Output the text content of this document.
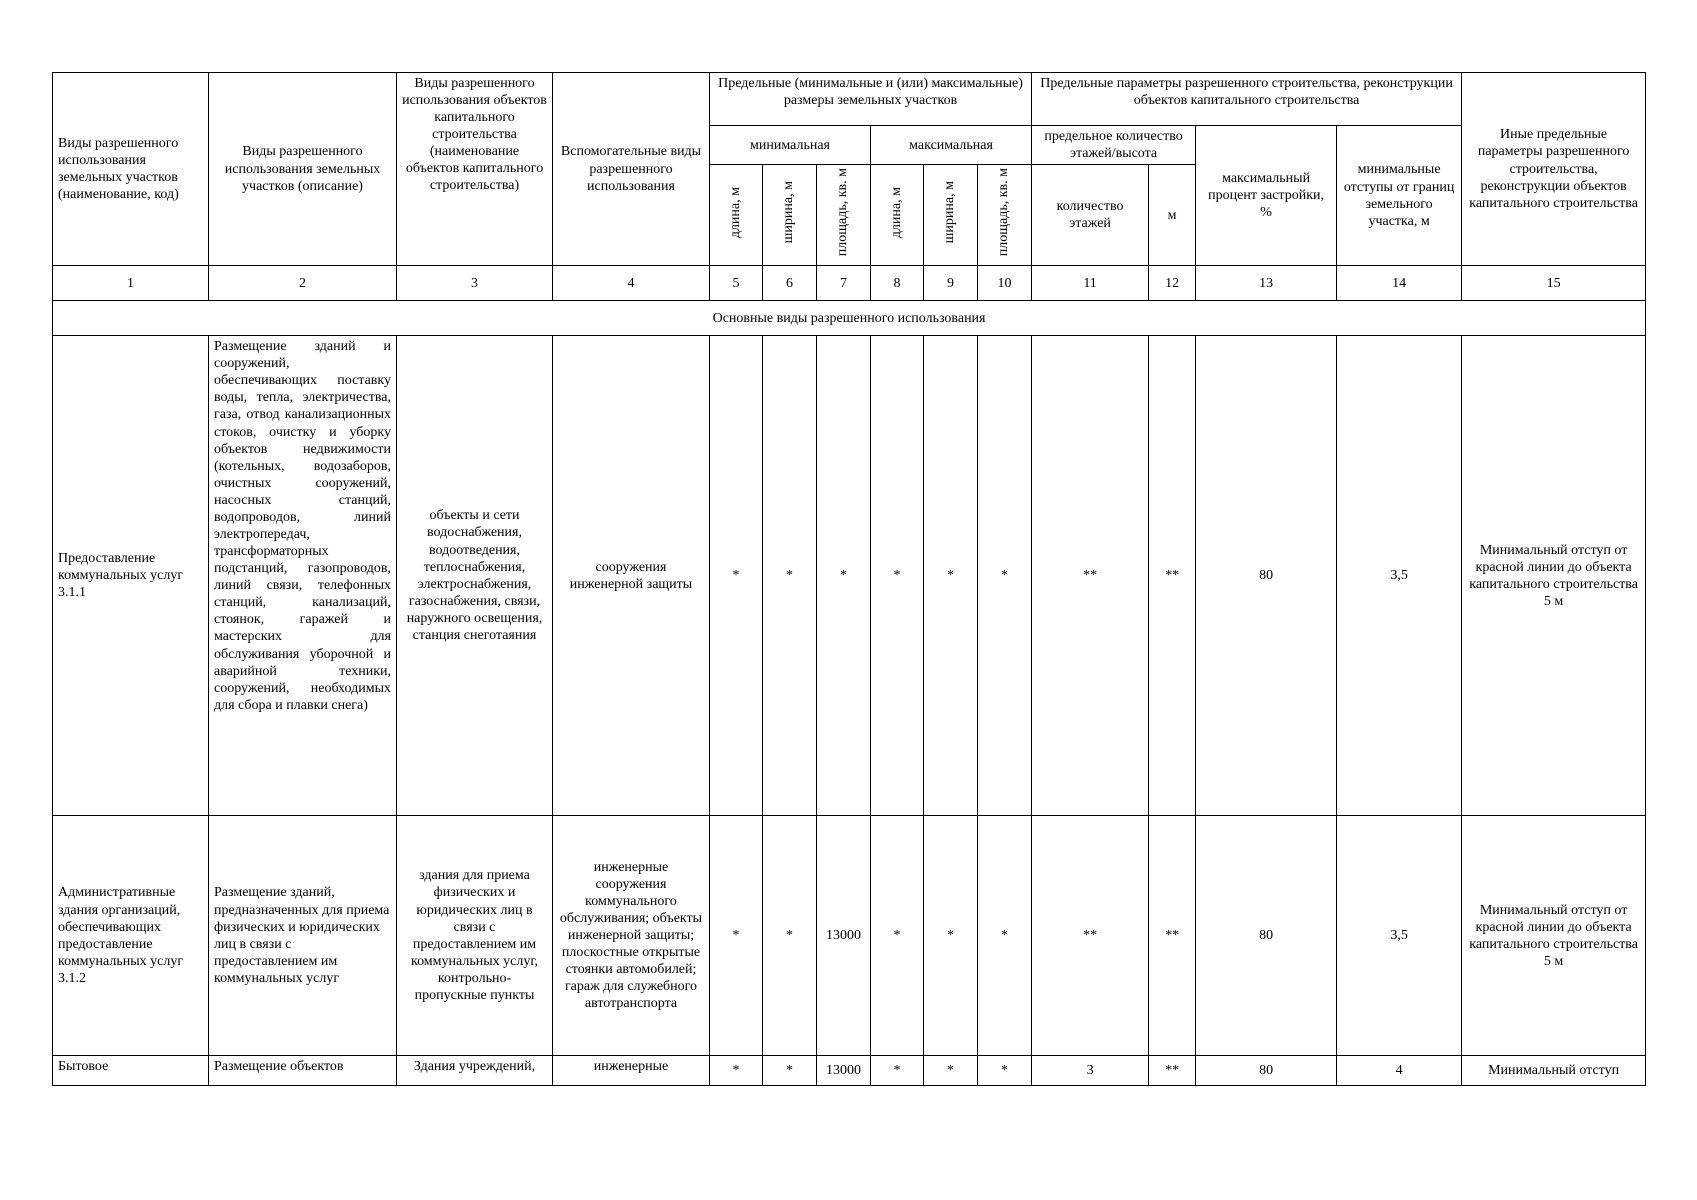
Виды разрешенного использования земельных участков (наименование, код)	Виды разрешенного использования земельных участков (описание)	Виды разрешенного использования объектов капитального строительства (наименование объектов капитального строительства)	Вспомогательные виды разрешенного использования	Предельные (минимальные и (или) максимальные) размеры земельных участков						Предельные параметры разрешенного строительства, реконструкции объектов капитального строительства				Иные предельные параметры разрешенного строительства, реконструкции объектов капитального строительства
				минимальная			максимальная			предельное количество этажей/высота		максимальный процент застройки, %	минимальные отступы от границ земельного участка, м	
				длина, м	ширина, м	площадь, кв. м	длина, м	ширина, м	площадь, кв. м	количество этажей	м			
1	2	3	4	5	6	7	8	9	10	11	12	13	14	15
Основные виды разрешенного использования														
Предоставление коммунальных услуг 3.1.1	Размещение зданий и сооружений, обеспечивающих поставку воды, тепла, электричества, газа, отвод канализационных стоков, очистку и уборку объектов недвижимости (котельных, водозаборов, очистных сооружений, насосных станций, водопроводов, линий электропередач, трансформаторных подстанций, газопроводов, линий связи, телефонных станций, канализаций, стоянок, гаражей и мастерских для обслуживания уборочной и аварийной техники, сооружений, необходимых для сбора и плавки снега)	объекты и сети водоснабжения, водоотведения, теплоснабжения, электроснабжения, газоснабжения, связи, наружного освещения, станция снеготаяния	сооружения инженерной защиты	*	*	*	*	*	*	**	**	80	3,5	Минимальный отступ от красной линии до объекта капитального строительства 5 м
Административные здания организаций, обеспечивающих предоставление коммунальных услуг 3.1.2	Размещение зданий, предназначенных для приема физических и юридических лиц в связи с предоставлением им коммунальных услуг	здания для приема физических и юридических лиц в связи с предоставлением им коммунальных услуг, контрольно-пропускные пункты	инженерные сооружения коммунального обслуживания; объекты инженерной защиты; плоскостные открытые стоянки автомобилей; гараж для служебного автотранспорта	*	*	13000	*	*	*	**	**	80	3,5	Минимальный отступ от красной линии до объекта капитального строительства 5 м
Бытовое	Размещение объектов	Здания учреждений,	инженерные	*	*	13000	*	*	*	3	**	80	4	Минимальный отступ
